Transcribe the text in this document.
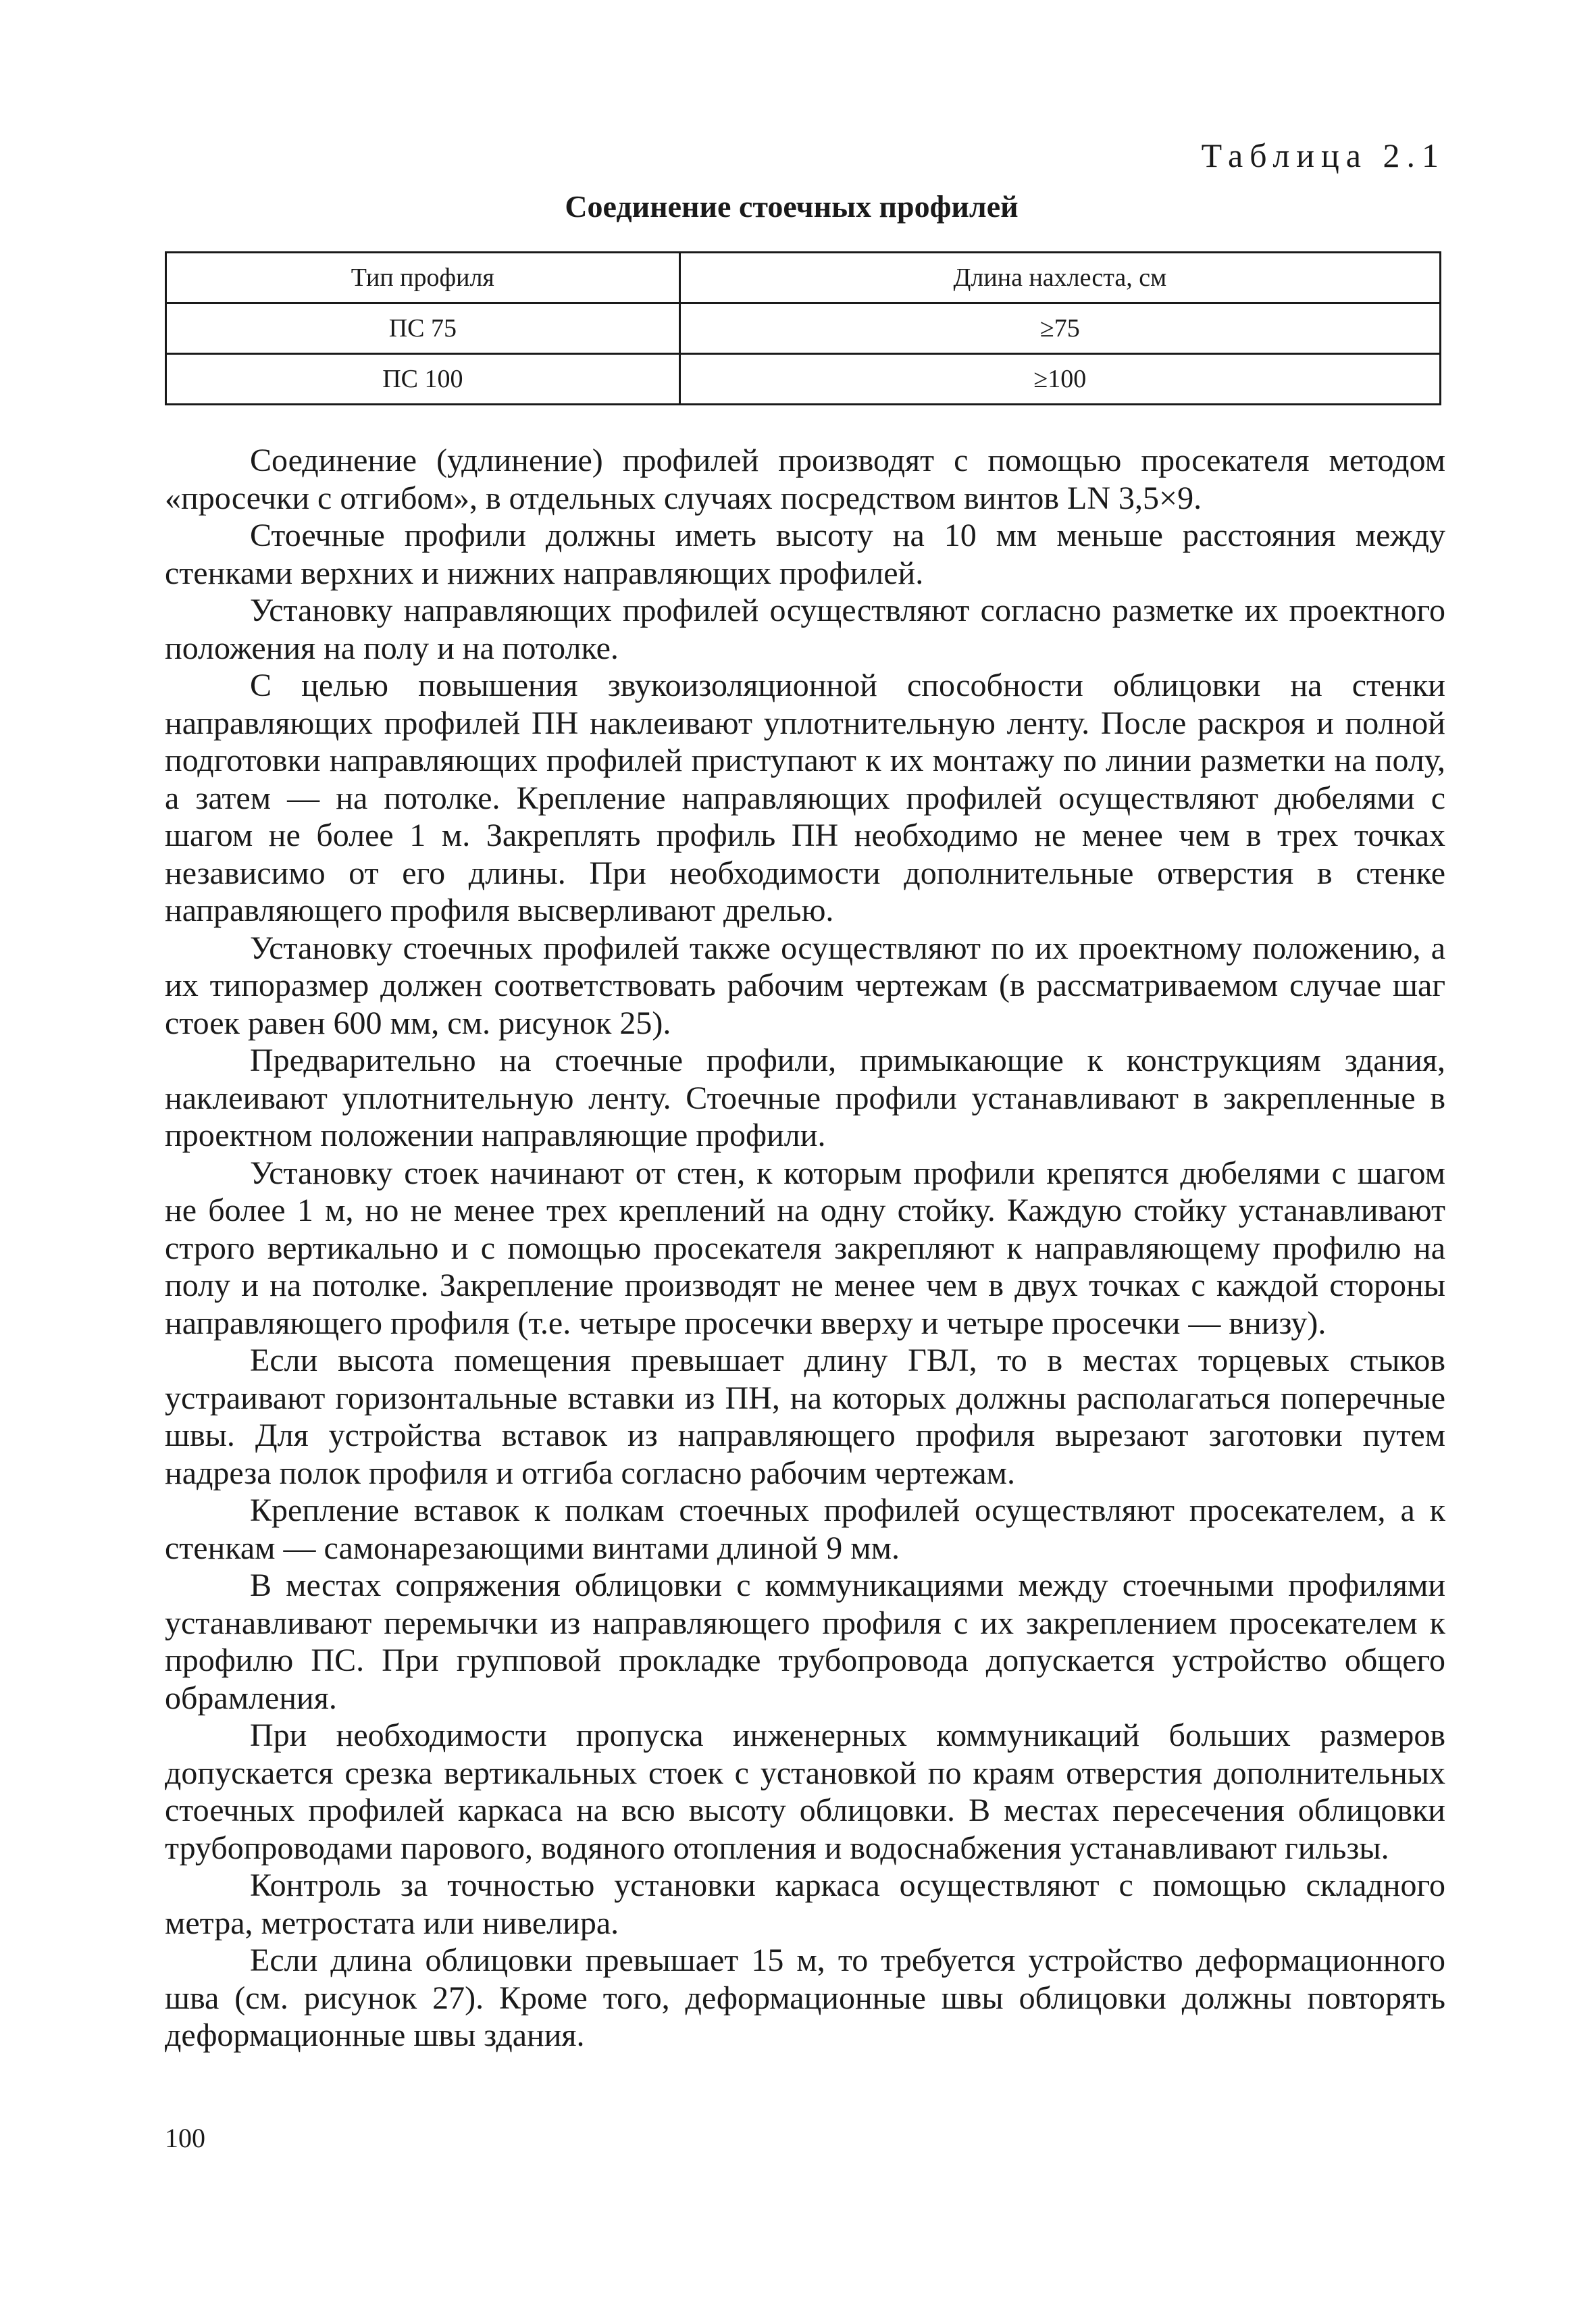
Таблица 2.1
Соединение стоечных профилей
Тип профиля	Длина нахлеста, см
ПС 75	≥75
ПС 100	≥100

Соединение (удлинение) профилей производят с помощью просекателя методом «просечки с отгибом», в отдельных случаях посредством винтов LN 3,5×9.

Стоечные профили должны иметь высоту на 10 мм меньше расстояния между стенками верхних и нижних направляющих профилей.

Установку направляющих профилей осуществляют согласно разметке их проектного положения на полу и на потолке.

С целью повышения звукоизоляционной способности облицовки на стенки направляющих профилей ПН наклеивают уплотнительную ленту. После раскроя и полной подготовки направляющих профилей приступают к их монтажу по линии разметки на полу, а затем — на потолке. Крепление направляющих профилей осуществляют дюбелями с шагом не более 1 м. Закреплять профиль ПН необходимо не менее чем в трех точках независимо от его длины. При необходимости дополнительные отверстия в стенке направляющего профиля высверливают дрелью.

Установку стоечных профилей также осуществляют по их проектному положению, а их типоразмер должен соответствовать рабочим чертежам (в рассматриваемом случае шаг стоек равен 600 мм, см. рисунок 25).

Предварительно на стоечные профили, примыкающие к конструкциям здания, наклеивают уплотнительную ленту. Стоечные профили устанавливают в закрепленные в проектном положении направляющие профили.

Установку стоек начинают от стен, к которым профили крепятся дюбелями с шагом не более 1 м, но не менее трех креплений на одну стойку. Каждую стойку устанавливают строго вертикально и с помощью просекателя закрепляют к направляющему профилю на полу и на потолке. Закрепление производят не менее чем в двух точках с каждой стороны направляющего профиля (т.е. четыре просечки вверху и четыре просечки — внизу).

Если высота помещения превышает длину ГВЛ, то в местах торцевых стыков устраивают горизонтальные вставки из ПН, на которых должны располагаться поперечные швы. Для устройства вставок из направляющего профиля вырезают заготовки путем надреза полок профиля и отгиба согласно рабочим чертежам.

Крепление вставок к полкам стоечных профилей осуществляют просекателем, а к стенкам — самонарезающими винтами длиной 9 мм.

В местах сопряжения облицовки с коммуникациями между стоечными профилями устанавливают перемычки из направляющего профиля с их закреплением просекателем к профилю ПС. При групповой прокладке трубопровода допускается устройство общего обрамления.

При необходимости пропуска инженерных коммуникаций больших размеров допускается срезка вертикальных стоек с установкой по краям отверстия дополнительных стоечных профилей каркаса на всю высоту облицовки. В местах пересечения облицовки трубопроводами парового, водяного отопления и водоснабжения устанавливают гильзы.

Контроль за точностью установки каркаса осуществляют с помощью складного метра, метростата или нивелира.

Если длина облицовки превышает 15 м, то требуется устройство деформационного шва (см. рисунок 27). Кроме того, деформационные швы облицовки должны повторять деформационные швы здания.

100
